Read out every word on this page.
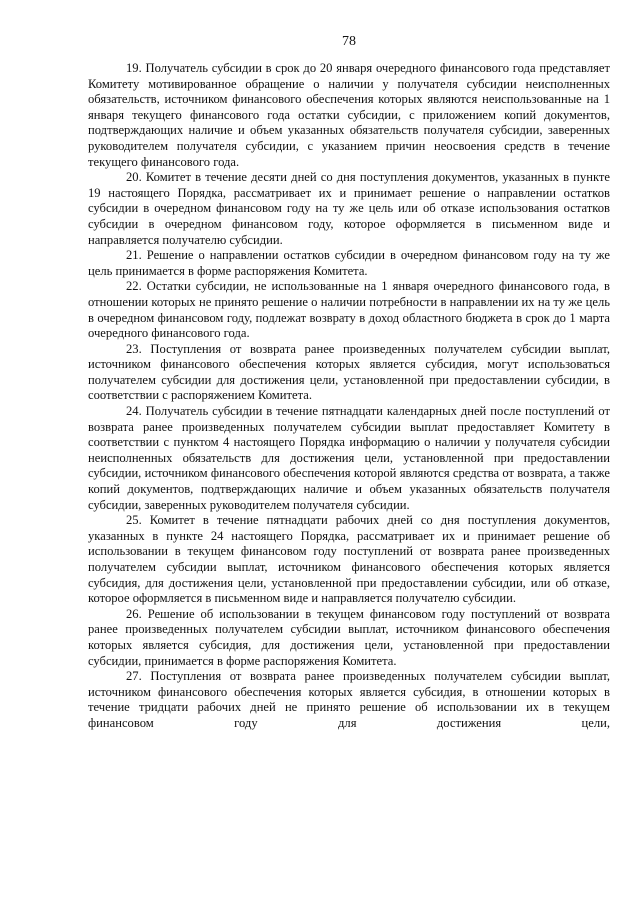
78

19. Получатель субсидии в срок до 20 января очередного финансового года представляет Комитету мотивированное обращение о наличии у получателя субсидии неисполненных обязательств, источником финансового обеспечения которых являются неиспользованные на 1 января текущего финансового года остатки субсидии, с приложением копий документов, подтверждающих наличие и объем указанных обязательств получателя субсидии, заверенных руководителем получателя субсидии, с указанием причин неосвоения средств в течение текущего финансового года.

20. Комитет в течение десяти дней со дня поступления документов, указанных в пункте 19 настоящего Порядка, рассматривает их и принимает решение о направлении остатков субсидии в очередном финансовом году на ту же цель или об отказе использования остатков субсидии в очередном финансовом году, которое оформляется в письменном виде и направляется получателю субсидии.

21. Решение о направлении остатков субсидии в очередном финансовом году на ту же цель принимается в форме распоряжения Комитета.

22. Остатки субсидии, не использованные на 1 января очередного финансового года, в отношении которых не принято решение о наличии потребности в направлении их на ту же цель в очередном финансовом году, подлежат возврату в доход областного бюджета в срок до 1 марта очередного финансового года.

23. Поступления от возврата ранее произведенных получателем субсидии выплат, источником финансового обеспечения которых является субсидия, могут использоваться получателем субсидии для достижения цели, установленной при предоставлении субсидии, в соответствии с распоряжением Комитета.

24. Получатель субсидии в течение пятнадцати календарных дней после поступлений от возврата ранее произведенных получателем субсидии выплат предоставляет Комитету в соответствии с пунктом 4 настоящего Порядка информацию о наличии у получателя субсидии неисполненных обязательств для достижения цели, установленной при предоставлении субсидии, источником финансового обеспечения которой являются средства от возврата, а также копий документов, подтверждающих наличие и объем указанных обязательств получателя субсидии, заверенных руководителем получателя субсидии.

25. Комитет в течение пятнадцати рабочих дней со дня поступления документов, указанных в пункте 24 настоящего Порядка, рассматривает их и принимает решение об использовании в текущем финансовом году поступлений от возврата ранее произведенных получателем субсидии выплат, источником финансового обеспечения которых является субсидия, для достижения цели, установленной при предоставлении субсидии, или об отказе, которое оформляется в письменном виде и направляется получателю субсидии.

26. Решение об использовании в текущем финансовом году поступлений от возврата ранее произведенных получателем субсидии выплат, источником финансового обеспечения которых является субсидия, для достижения цели, установленной при предоставлении субсидии, принимается в форме распоряжения Комитета.

27. Поступления от возврата ранее произведенных получателем субсидии выплат, источником финансового обеспечения которых является субсидия, в отношении которых в течение тридцати рабочих дней не принято решение об использовании их в текущем финансовом году для достижения цели,
